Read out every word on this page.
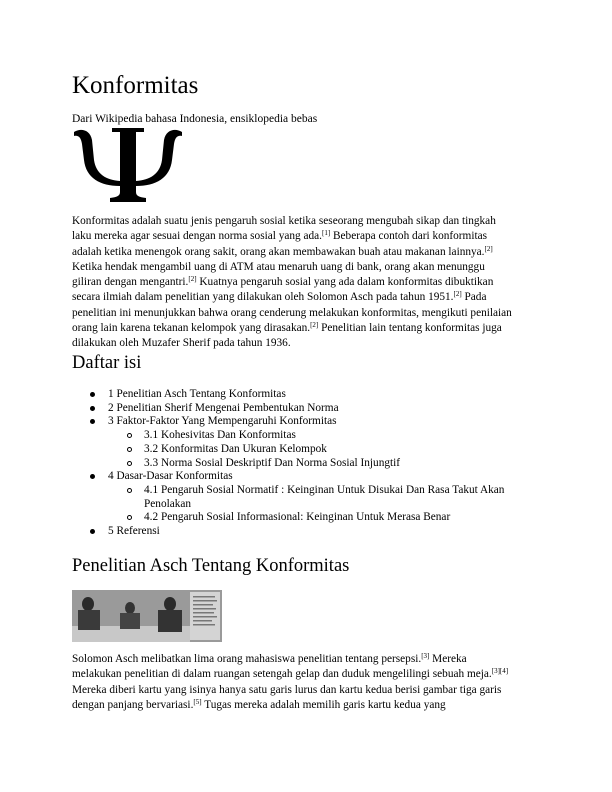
Konformitas
Dari Wikipedia bahasa Indonesia, ensiklopedia bebas
Konformitas adalah suatu jenis pengaruh sosial ketika seseorang mengubah sikap dan tingkah
laku mereka agar sesuai dengan norma sosial yang ada.[1] Beberapa contoh dari konformitas
adalah ketika menengok orang sakit, orang akan membawakan buah atau makanan lainnya.[2]
Ketika hendak mengambil uang di ATM atau menaruh uang di bank, orang akan menunggu
giliran dengan mengantri.[2] Kuatnya pengaruh sosial yang ada dalam konformitas dibuktikan
secara ilmiah dalam penelitian yang dilakukan oleh Solomon Asch pada tahun 1951.[2] Pada
penelitian ini menunjukkan bahwa orang cenderung melakukan konformitas, mengikuti penilaian
orang lain karena tekanan kelompok yang dirasakan.[2] Penelitian lain tentang konformitas juga
dilakukan oleh Muzafer Sherif pada tahun 1936.
Daftar isi
1 Penelitian Asch Tentang Konformitas
2 Penelitian Sherif Mengenai Pembentukan Norma
3 Faktor-Faktor Yang Mempengaruhi Konformitas
3.1 Kohesivitas Dan Konformitas
3.2 Konformitas Dan Ukuran Kelompok
3.3 Norma Sosial Deskriptif Dan Norma Sosial Injungtif
4 Dasar-Dasar Konformitas
4.1 Pengaruh Sosial Normatif : Keinginan Untuk Disukai Dan Rasa Takut Akan Penolakan
4.2 Pengaruh Sosial Informasional: Keinginan Untuk Merasa Benar
5 Referensi
Penelitian Asch Tentang Konformitas
Solomon Asch melibatkan lima orang mahasiswa penelitian tentang persepsi.[3] Mereka
melakukan penelitian di dalam ruangan setengah gelap dan duduk mengelilingi sebuah meja.[3][4]
Mereka diberi kartu yang isinya hanya satu garis lurus dan kartu kedua berisi gambar tiga garis
dengan panjang bervariasi.[5] Tugas mereka adalah memilih garis kartu kedua yang
